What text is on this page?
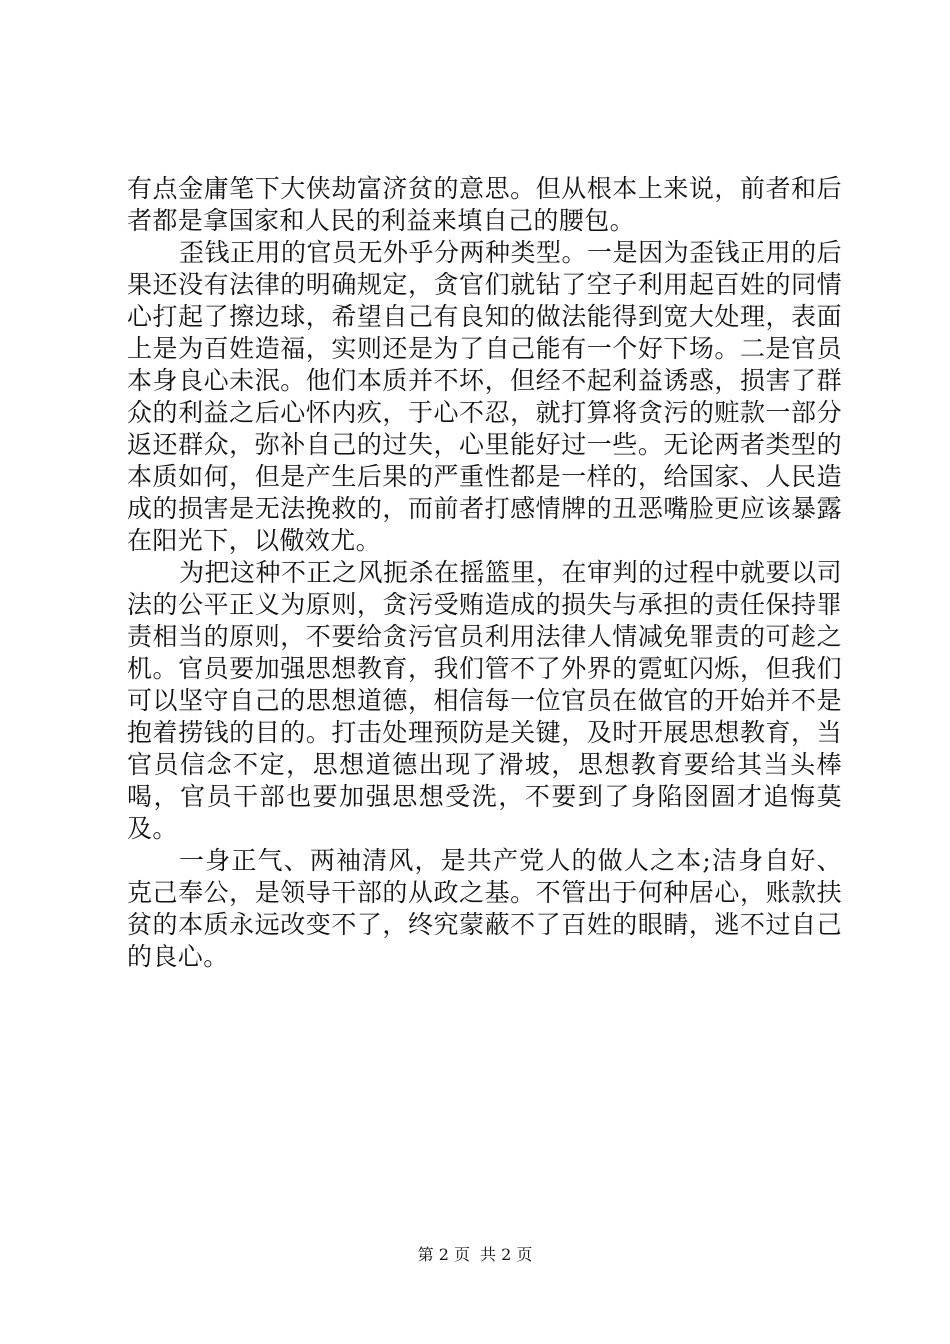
有点金庸笔下大侠劫富济贫的意思。但从根本上来说，前者和后者都是拿国家和人民的利益来填自己的腰包。

歪钱正用的官员无外乎分两种类型。一是因为歪钱正用的后果还没有法律的明确规定，贪官们就钻了空子利用起百姓的同情心打起了擦边球，希望自己有良知的做法能得到宽大处理，表面上是为百姓造福，实则还是为了自己能有一个好下场。二是官员本身良心未泯。他们本质并不坏，但经不起利益诱惑，损害了群众的利益之后心怀内疚，于心不忍，就打算将贪污的赃款一部分返还群众，弥补自己的过失，心里能好过一些。无论两者类型的本质如何，但是产生后果的严重性都是一样的，给国家、人民造成的损害是无法挽救的，而前者打感情牌的丑恶嘴脸更应该暴露在阳光下，以儆效尤。

为把这种不正之风扼杀在摇篮里，在审判的过程中就要以司法的公平正义为原则，贪污受贿造成的损失与承担的责任保持罪责相当的原则，不要给贪污官员利用法律人情减免罪责的可趁之机。官员要加强思想教育，我们管不了外界的霓虹闪烁，但我们可以坚守自己的思想道德，相信每一位官员在做官的开始并不是抱着捞钱的目的。打击处理预防是关键，及时开展思想教育，当官员信念不定，思想道德出现了滑坡，思想教育要给其当头棒喝，官员干部也要加强思想受洗，不要到了身陷囹圄才追悔莫及。

一身正气、两袖清风，是共产党人的做人之本;洁身自好、克己奉公，是领导干部的从政之基。不管出于何种居心，账款扶贫的本质永远改变不了，终究蒙蔽不了百姓的眼睛，逃不过自己的良心。

第 2 页 共 2 页
